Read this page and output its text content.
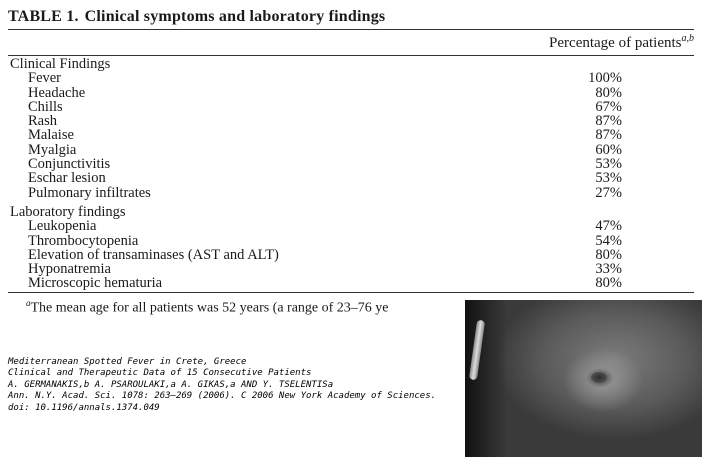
TABLE 1. Clinical symptoms and laboratory findings
Percentage of patients$^{a,b}$
Clinical Findings
Fever	100%
Headache	80%
Chills	67%
Rash	87%
Malaise	87%
Myalgia	60%
Conjunctivitis	53%
Eschar lesion	53%
Pulmonary infiltrates	27%
Laboratory findings
Leukopenia	47%
Thrombocytopenia	54%
Elevation of transaminases (AST and ALT)	80%
Hyponatremia	33%
Microscopic hematuria	80%
$^a$The mean age for all patients was 52 years (a range of 23–76 ye
Mediterranean Spotted Fever in Crete, Greece
Clinical and Therapeutic Data of 15 Consecutive Patients
A. GERMANAKIS,b A. PSAROULAKI,a A. GIKAS,a AND Y. TSELENTISa
Ann. N.Y. Acad. Sci. 1078: 263–269 (2006). C 2006 New York Academy of Sciences.
doi: 10.1196/annals.1374.049
